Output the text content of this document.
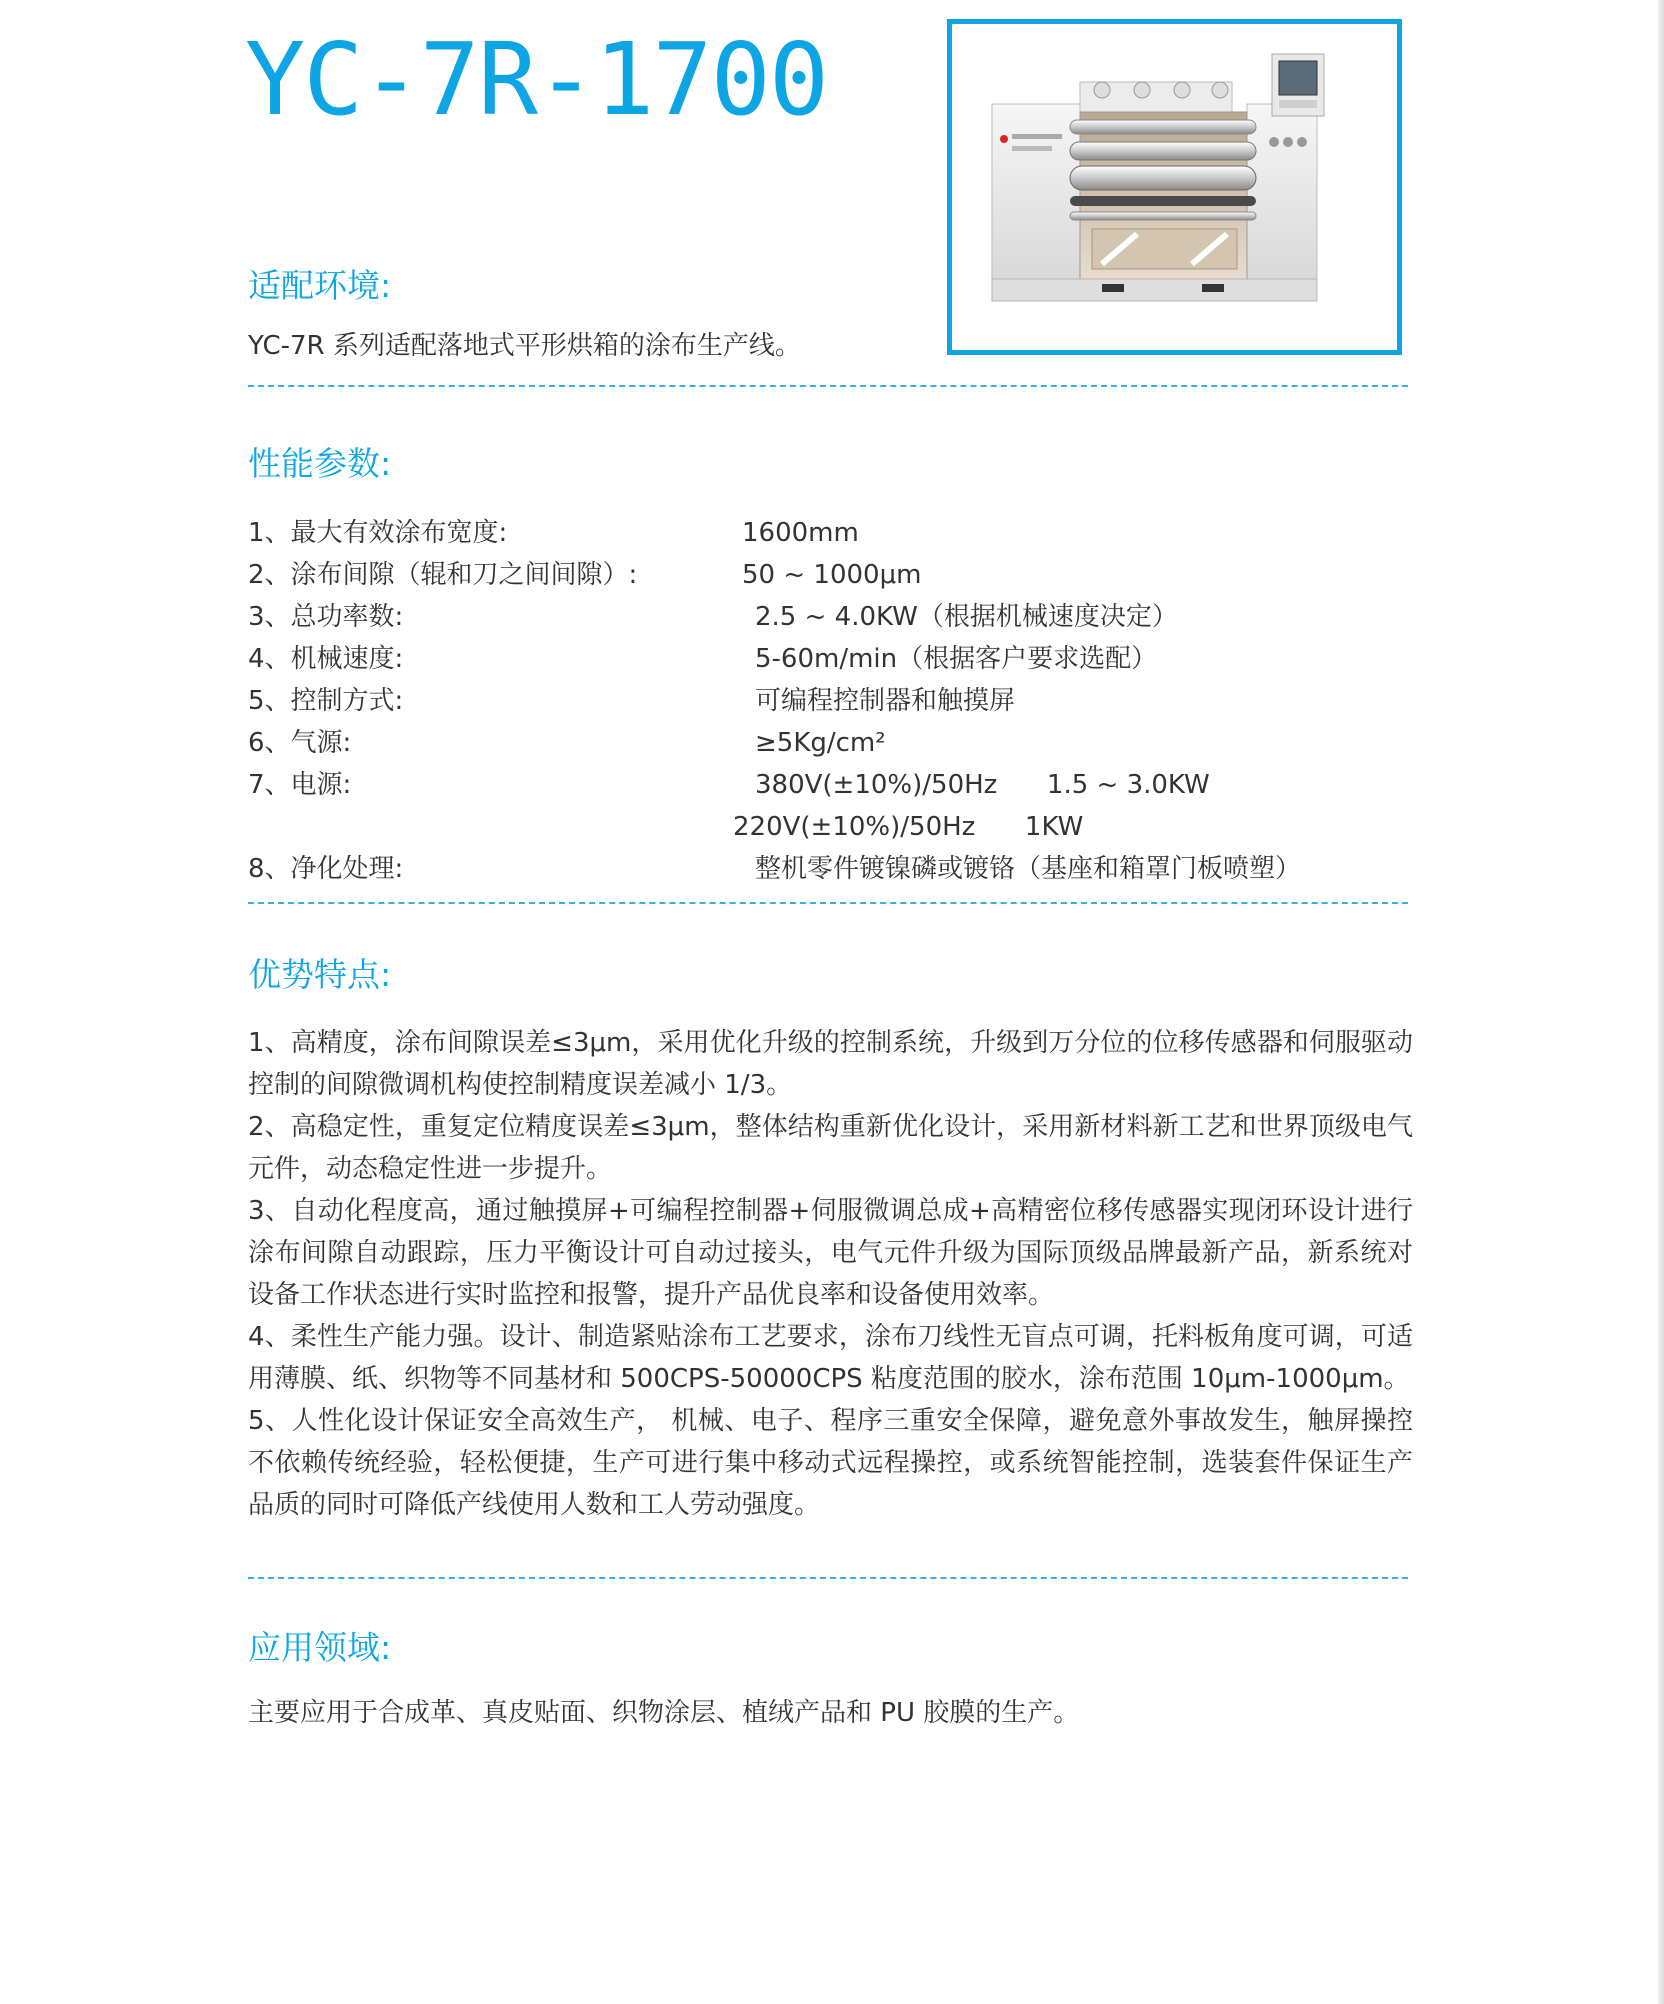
YC-7R-1700
适配环境:

YC-7R 系列适配落地式平形烘箱的涂布生产线。

性能参数:

1、最大有效涂布宽度:	1600mm

2、涂布间隙（辊和刀之间间隙）:	50 ~ 1000μm

3、总功率数:	2.5 ~ 4.0KW（根据机械速度决定）

4、机械速度:	5-60m/min（根据客户要求选配）

5、控制方式:	可编程控制器和触摸屏

6、气源:	≥5Kg/cm²

7、电源:	380V(±10%)/50Hz      1.5 ~ 3.0KW

220V(±10%)/50Hz      1KW

8、净化处理:	整机零件镀镍磷或镀铬（基座和箱罩门板喷塑）

优势特点:

1、高精度，涂布间隙误差≤3μm，采用优化升级的控制系统，升级到万分位的位移传感器和伺服驱动控制的间隙微调机构使控制精度误差减小 1/3。

2、高稳定性，重复定位精度误差≤3μm，整体结构重新优化设计，采用新材料新工艺和世界顶级电气元件，动态稳定性进一步提升。

3、自动化程度高，通过触摸屏+可编程控制器+伺服微调总成+高精密位移传感器实现闭环设计进行涂布间隙自动跟踪，压力平衡设计可自动过接头，电气元件升级为国际顶级品牌最新产品，新系统对设备工作状态进行实时监控和报警，提升产品优良率和设备使用效率。

4、柔性生产能力强。设计、制造紧贴涂布工艺要求，涂布刀线性无盲点可调，托料板角度可调，可适用薄膜、纸、织物等不同基材和 500CPS-50000CPS 粘度范围的胶水，涂布范围 10μm-1000μm。

5、人性化设计保证安全高效生产， 机械、电子、程序三重安全保障，避免意外事故发生，触屏操控不依赖传统经验，轻松便捷，生产可进行集中移动式远程操控，或系统智能控制，选装套件保证生产品质的同时可降低产线使用人数和工人劳动强度。

应用领域:

主要应用于合成革、真皮贴面、织物涂层、植绒产品和 PU 胶膜的生产。
